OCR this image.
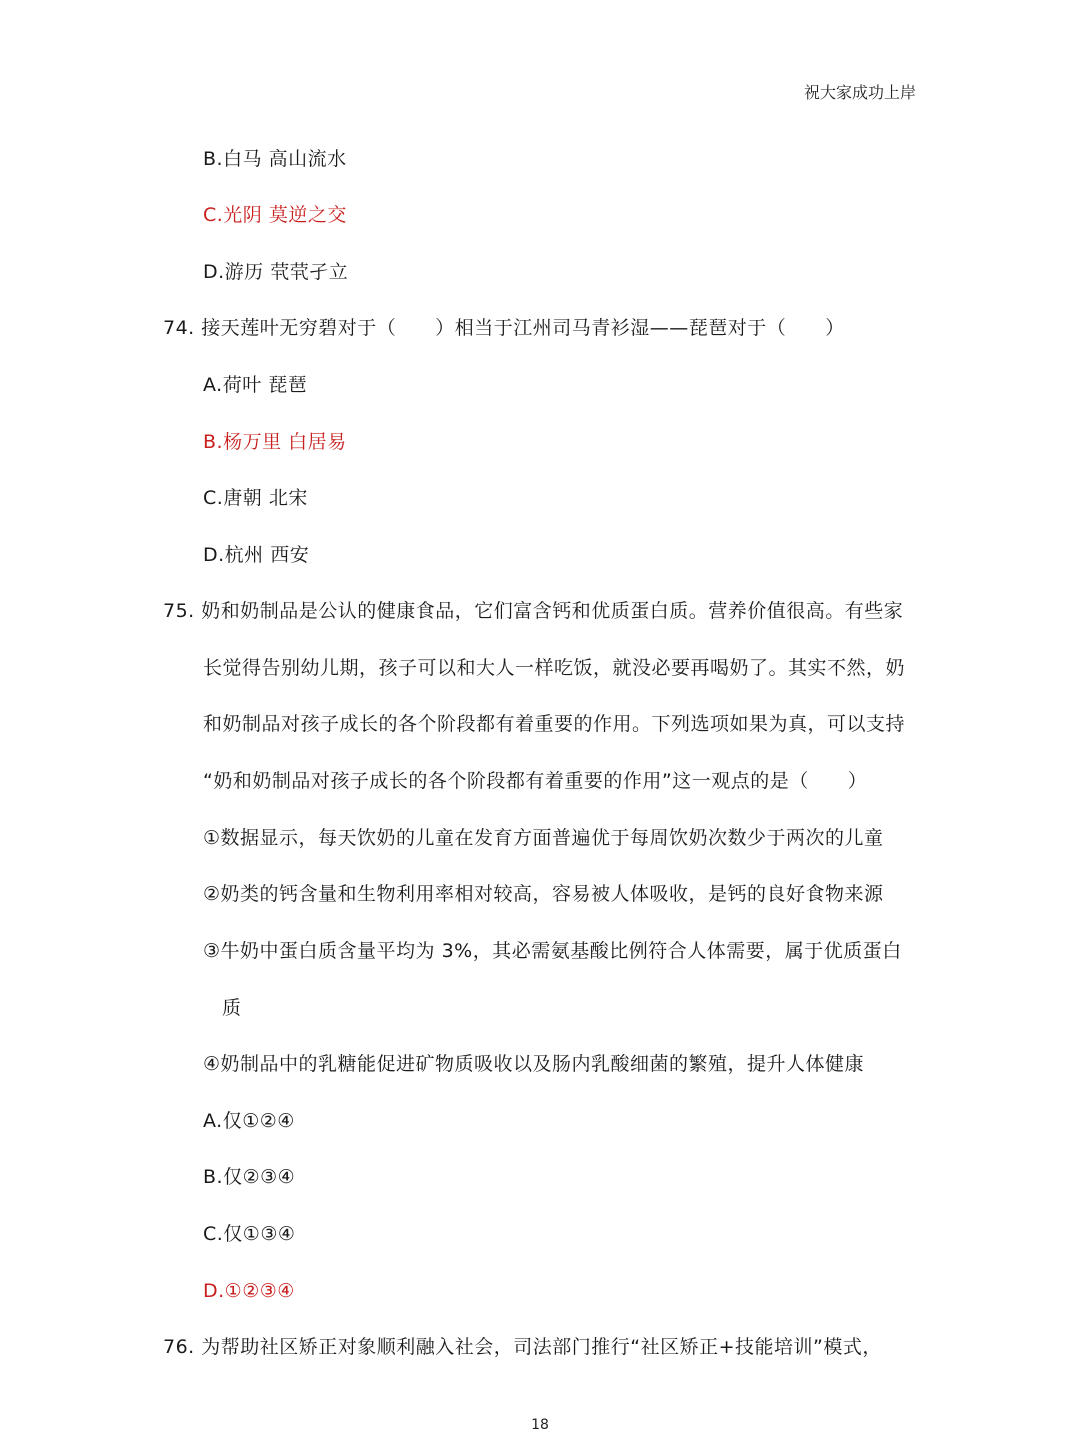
祝大家成功上岸
B.白马 高山流水
C.光阴 莫逆之交
D.游历 茕茕孑立
74. 接天莲叶无穷碧对于（　　）相当于江州司马青衫湿——琵琶对于（　　）
A.荷叶 琵琶
B.杨万里 白居易
C.唐朝 北宋
D.杭州 西安
75. 奶和奶制品是公认的健康食品，它们富含钙和优质蛋白质。营养价值很高。有些家
长觉得告别幼儿期，孩子可以和大人一样吃饭，就没必要再喝奶了。其实不然，奶
和奶制品对孩子成长的各个阶段都有着重要的作用。下列选项如果为真，可以支持
“奶和奶制品对孩子成长的各个阶段都有着重要的作用”这一观点的是（　　）
①数据显示，每天饮奶的儿童在发育方面普遍优于每周饮奶次数少于两次的儿童
②奶类的钙含量和生物利用率相对较高，容易被人体吸收，是钙的良好食物来源
③牛奶中蛋白质含量平均为 3%，其必需氨基酸比例符合人体需要，属于优质蛋白
质
④奶制品中的乳糖能促进矿物质吸收以及肠内乳酸细菌的繁殖，提升人体健康
A.仅①②④
B.仅②③④
C.仅①③④
D.①②③④
76. 为帮助社区矫正对象顺利融入社会，司法部门推行“社区矫正+技能培训”模式，
18
